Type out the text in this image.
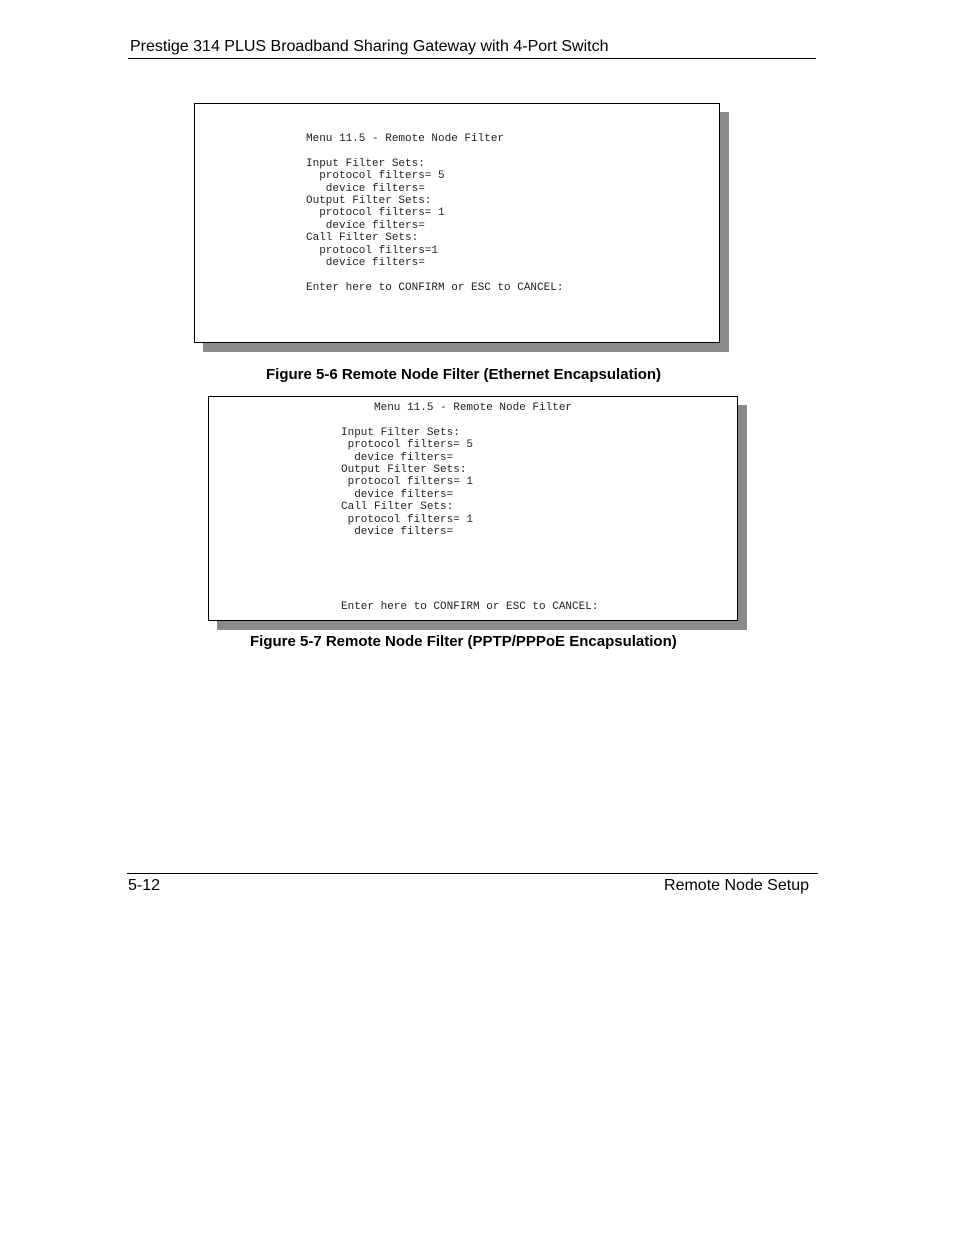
Prestige 314 PLUS Broadband Sharing Gateway with 4-Port Switch
Menu 11.5 - Remote Node Filter

Input Filter Sets:
protocol filters= 5
device filters=
Output Filter Sets:
protocol filters= 1
device filters=
Call Filter Sets:
protocol filters=1
device filters=

Enter here to CONFIRM or ESC to CANCEL:
Figure 5-6 Remote Node Filter (Ethernet Encapsulation)
Menu 11.5 - Remote Node Filter

Input Filter Sets:
protocol filters= 5
device filters=
Output Filter Sets:
protocol filters= 1
device filters=
Call Filter Sets:
protocol filters= 1
device filters=

Enter here to CONFIRM or ESC to CANCEL:
Figure 5-7 Remote Node Filter (PPTP/PPPoE Encapsulation)
5-12	Remote Node Setup
